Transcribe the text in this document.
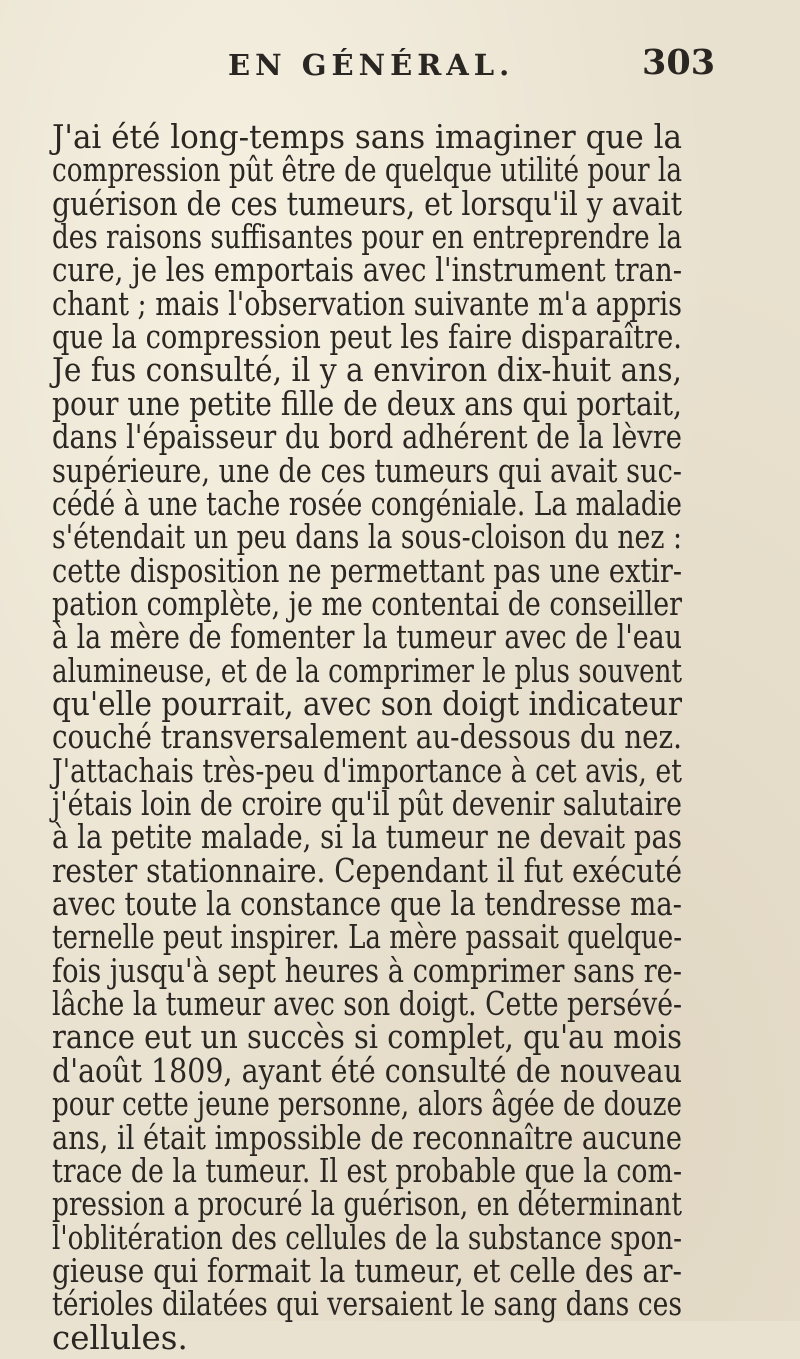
EN GÉNÉRAL.	303
J'ai été long-temps sans imaginer que la
compression pût être de quelque utilité pour la
guérison de ces tumeurs, et lorsqu'il y avait
des raisons suffisantes pour en entreprendre la
cure, je les emportais avec l'instrument tran-
chant ; mais l'observation suivante m'a appris
que la compression peut les faire disparaître.
Je fus consulté, il y a environ dix-huit ans,
pour une petite fille de deux ans qui portait,
dans l'épaisseur du bord adhérent de la lèvre
supérieure, une de ces tumeurs qui avait suc-
cédé à une tache rosée congéniale. La maladie
s'étendait un peu dans la sous-cloison du nez :
cette disposition ne permettant pas une extir-
pation complète, je me contentai de conseiller
à la mère de fomenter la tumeur avec de l'eau
alumineuse, et de la comprimer le plus souvent
qu'elle pourrait, avec son doigt indicateur
couché transversalement au-dessous du nez.
J'attachais très-peu d'importance à cet avis, et
j'étais loin de croire qu'il pût devenir salutaire
à la petite malade, si la tumeur ne devait pas
rester stationnaire. Cependant il fut exécuté
avec toute la constance que la tendresse ma-
ternelle peut inspirer. La mère passait quelque-
fois jusqu'à sept heures à comprimer sans re-
lâche la tumeur avec son doigt. Cette persévé-
rance eut un succès si complet, qu'au mois
d'août 1809, ayant été consulté de nouveau
pour cette jeune personne, alors âgée de douze
ans, il était impossible de reconnaître aucune
trace de la tumeur. Il est probable que la com-
pression a procuré la guérison, en déterminant
l'oblitération des cellules de la substance spon-
gieuse qui formait la tumeur, et celle des ar-
térioles dilatées qui versaient le sang dans ces
cellules.
